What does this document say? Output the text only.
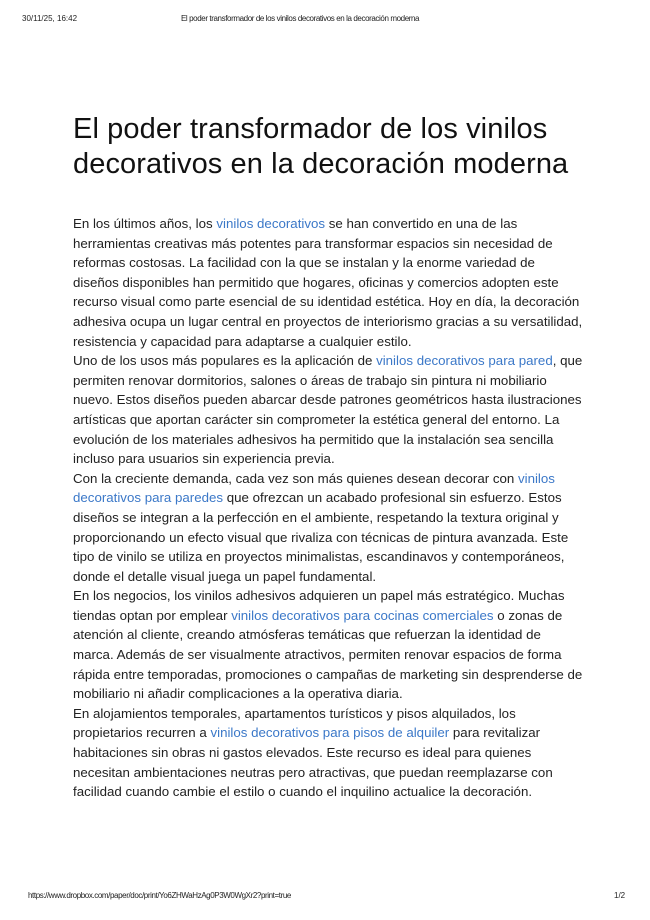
30/11/25, 16:42	El poder transformador de los vinilos decorativos en la decoración moderna
El poder transformador de los vinilos decorativos en la decoración moderna

En los últimos años, los vinilos decorativos se han convertido en una de las herramientas creativas más potentes para transformar espacios sin necesidad de reformas costosas. La facilidad con la que se instalan y la enorme variedad de diseños disponibles han permitido que hogares, oficinas y comercios adopten este recurso visual como parte esencial de su identidad estética. Hoy en día, la decoración adhesiva ocupa un lugar central en proyectos de interiorismo gracias a su versatilidad, resistencia y capacidad para adaptarse a cualquier estilo.

Uno de los usos más populares es la aplicación de vinilos decorativos para pared, que permiten renovar dormitorios, salones o áreas de trabajo sin pintura ni mobiliario nuevo. Estos diseños pueden abarcar desde patrones geométricos hasta ilustraciones artísticas que aportan carácter sin comprometer la estética general del entorno. La evolución de los materiales adhesivos ha permitido que la instalación sea sencilla incluso para usuarios sin experiencia previa.

Con la creciente demanda, cada vez son más quienes desean decorar con vinilos decorativos para paredes que ofrezcan un acabado profesional sin esfuerzo. Estos diseños se integran a la perfección en el ambiente, respetando la textura original y proporcionando un efecto visual que rivaliza con técnicas de pintura avanzada. Este tipo de vinilo se utiliza en proyectos minimalistas, escandinavos y contemporáneos, donde el detalle visual juega un papel fundamental.

En los negocios, los vinilos adhesivos adquieren un papel más estratégico. Muchas tiendas optan por emplear vinilos decorativos para cocinas comerciales o zonas de atención al cliente, creando atmósferas temáticas que refuerzan la identidad de marca. Además de ser visualmente atractivos, permiten renovar espacios de forma rápida entre temporadas, promociones o campañas de marketing sin desprenderse de mobiliario ni añadir complicaciones a la operativa diaria.

En alojamientos temporales, apartamentos turísticos y pisos alquilados, los propietarios recurren a vinilos decorativos para pisos de alquiler para revitalizar habitaciones sin obras ni gastos elevados. Este recurso es ideal para quienes necesitan ambientaciones neutras pero atractivas, que puedan reemplazarse con facilidad cuando cambie el estilo o cuando el inquilino actualice la decoración.

https://www.dropbox.com/paper/doc/print/Yo6ZHWaHzAg0P3W0WgXr2?print=true	1/2
